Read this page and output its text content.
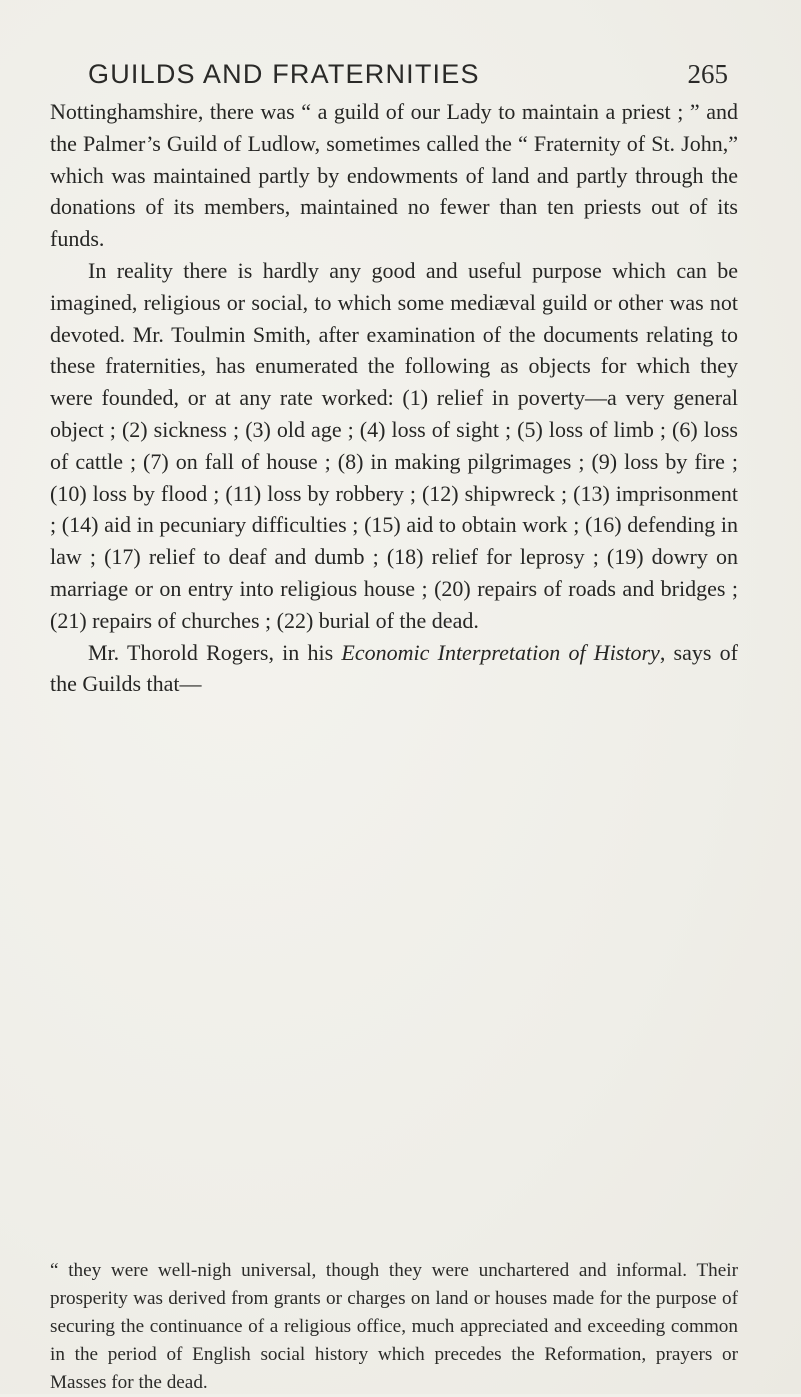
GUILDS AND FRATERNITIES	265

Nottinghamshire, there was “ a guild of our Lady to maintain a priest ; ” and the Palmer’s Guild of Ludlow, sometimes called the “ Fraternity of St. John,” which was maintained partly by endowments of land and partly through the donations of its members, maintained no fewer than ten priests out of its funds.

In reality there is hardly any good and useful purpose which can be imagined, religious or social, to which some mediæval guild or other was not devoted. Mr. Toulmin Smith, after examination of the documents relating to these fraternities, has enumerated the following as objects for which they were founded, or at any rate worked: (1) relief in poverty—a very general object ; (2) sickness ; (3) old age ; (4) loss of sight ; (5) loss of limb ; (6) loss of cattle ; (7) on fall of house ; (8) in making pilgrimages ; (9) loss by fire ; (10) loss by flood ; (11) loss by robbery ; (12) shipwreck ; (13) imprisonment ; (14) aid in pecuniary difficulties ; (15) aid to obtain work ; (16) defending in law ; (17) relief to deaf and dumb ; (18) relief for leprosy ; (19) dowry on marriage or on entry into religious house ; (20) repairs of roads and bridges ; (21) repairs of churches ; (22) burial of the dead.

Mr. Thorold Rogers, in his Economic Interpretation of History, says of the Guilds that—

“ they were well-nigh universal, though they were unchartered and informal. Their prosperity was derived from grants or charges on land or houses made for the purpose of securing the continuance of a religious office, much appreciated and exceeding common in the period of English social history which precedes the Reformation, prayers or Masses for the dead.
